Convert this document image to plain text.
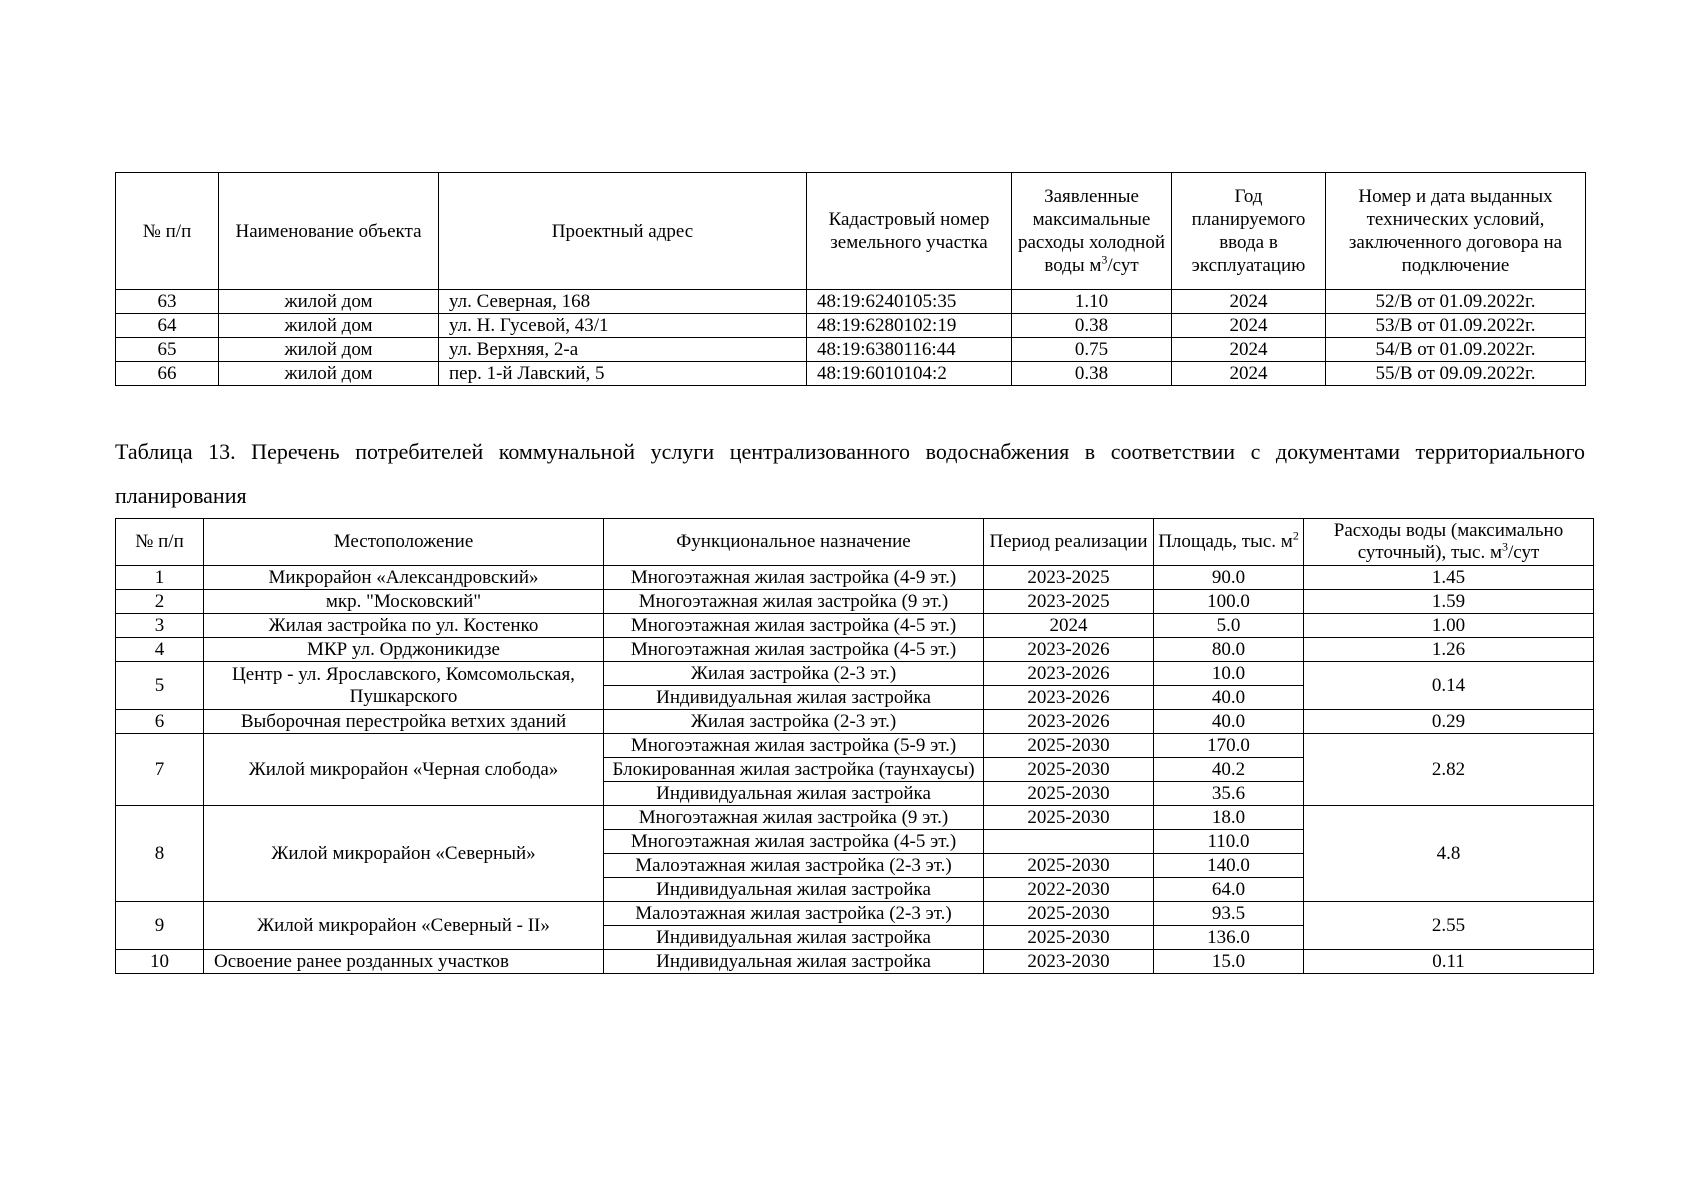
№ п/п	Наименование объекта	Проектный адрес	Кадастровый номер земельного участка	Заявленные максимальные расходы холодной воды $м^3$/сут	Год планируемого ввода в эксплуатацию	Номер и дата выданных технических условий, заключенного договора на подключение
63	жилой дом	ул. Северная, 168	48:19:6240105:35	1.10	2024	52/В от 01.09.2022г.
64	жилой дом	ул. Н. Гусевой, 43/1	48:19:6280102:19	0.38	2024	53/В от 01.09.2022г.
65	жилой дом	ул. Верхняя, 2-а	48:19:6380116:44	0.75	2024	54/В от 01.09.2022г.
66	жилой дом	пер. 1-й Лавский, 5	48:19:6010104:2	0.38	2024	55/В от 09.09.2022г.
Таблица 13. Перечень потребителей коммунальной услуги централизованного водоснабжения в соответствии с документами территориального планирования
№ п/п	Местоположение	Функциональное назначение	Период реализации	Площадь, тыс. $м^2$	Расходы воды (максимально суточный), тыс. $м^3$/сут
1	Микрорайон «Александровский»	Многоэтажная жилая застройка (4-9 эт.)	2023-2025	90.0	1.45
2	мкр. "Московский"	Многоэтажная жилая застройка (9 эт.)	2023-2025	100.0	1.59
3	Жилая застройка по ул. Костенко	Многоэтажная жилая застройка (4-5 эт.)	2024	5.0	1.00
4	МКР ул. Орджоникидзе	Многоэтажная жилая застройка (4-5 эт.)	2023-2026	80.0	1.26
5	Центр - ул. Ярославского, Комсомольская, Пушкарского	Жилая застройка (2-3 эт.)	2023-2026	10.0	0.14
		Индивидуальная жилая застройка	2023-2026	40.0	
6	Выборочная перестройка ветхих зданий	Жилая застройка (2-3 эт.)	2023-2026	40.0	0.29
7	Жилой микрорайон «Черная слобода»	Многоэтажная жилая застройка (5-9 эт.)	2025-2030	170.0	2.82
		Блокированная жилая застройка (таунхаусы)	2025-2030	40.2	
		Индивидуальная жилая застройка	2025-2030	35.6	
8	Жилой микрорайон «Северный»	Многоэтажная жилая застройка (9 эт.)	2025-2030	18.0	4.8
		Многоэтажная жилая застройка (4-5 эт.)		110.0	
		Малоэтажная жилая застройка (2-3 эт.)	2025-2030	140.0	
		Индивидуальная жилая застройка	2022-2030	64.0	
9	Жилой микрорайон «Северный - II»	Малоэтажная жилая застройка (2-3 эт.)	2025-2030	93.5	2.55
		Индивидуальная жилая застройка	2025-2030	136.0	
10	Освоение ранее розданных участков	Индивидуальная жилая застройка	2023-2030	15.0	0.11
